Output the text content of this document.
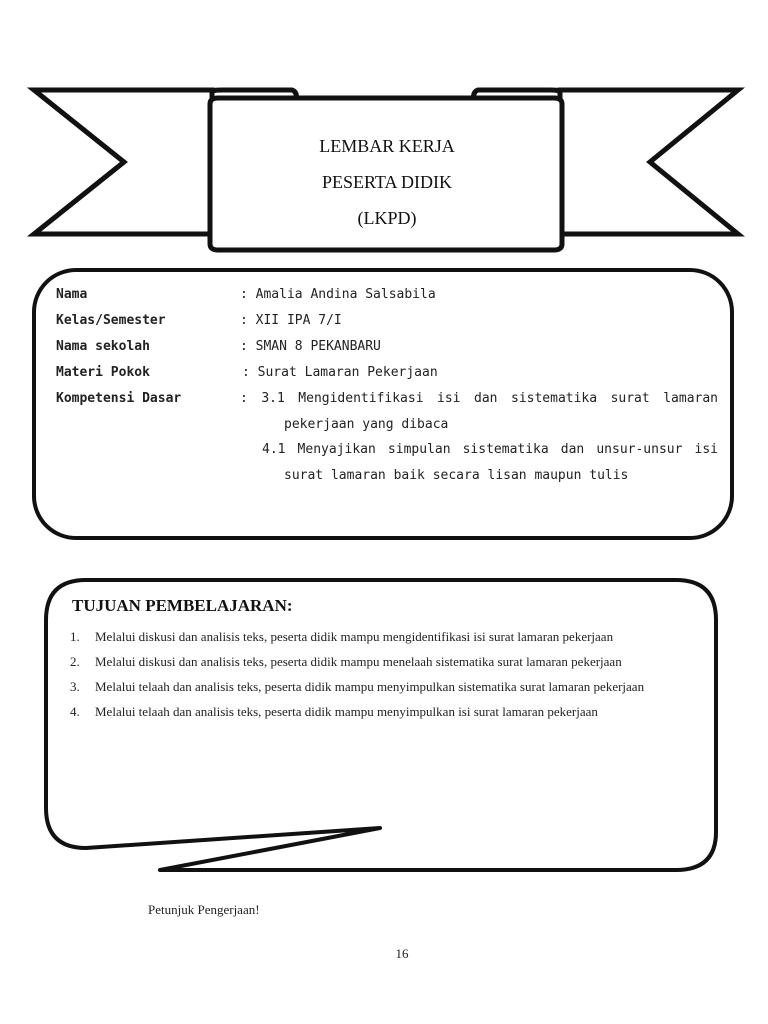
LEMBAR KERJA
PESERTA DIDIK
(LKPD)
Nama	: Amalia Andina Salsabila
Kelas/Semester	: XII IPA 7/I
Nama sekolah	: SMAN 8 PEKANBARU
Materi Pokok	: Surat Lamaran Pekerjaan
Kompetensi Dasar	: 3.1 Mengidentifikasi isi dan sistematika surat lamaran
pekerjaan yang dibaca
4.1 Menyajikan simpulan sistematika dan unsur-unsur isi
surat lamaran baik secara lisan maupun tulis
TUJUAN PEMBELAJARAN:
1. Melalui diskusi dan analisis teks, peserta didik mampu mengidentifikasi isi surat lamaran pekerjaan
2. Melalui diskusi dan analisis teks, peserta didik mampu menelaah sistematika surat lamaran pekerjaan
3. Melalui telaah dan analisis teks, peserta didik mampu menyimpulkan sistematika surat lamaran pekerjaan
4. Melalui telaah dan analisis teks, peserta didik mampu menyimpulkan isi surat lamaran pekerjaan
Petunjuk Pengerjaan!
16
